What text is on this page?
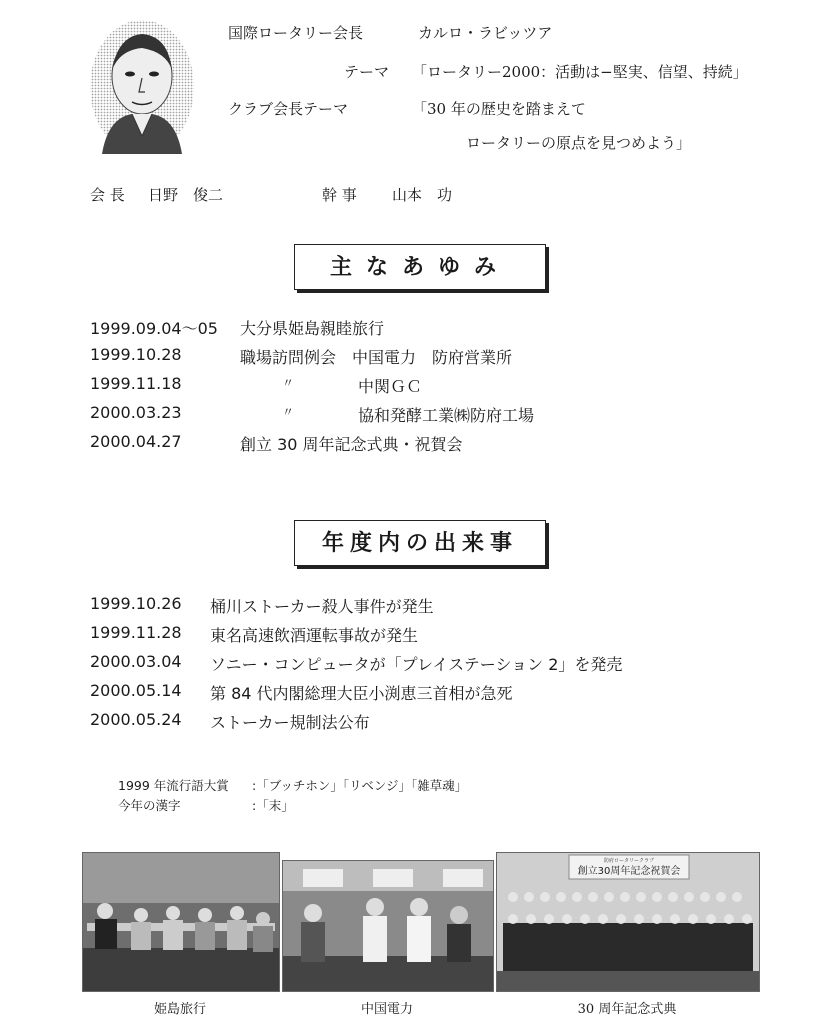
国際ロータリー会長	カルロ・ラビッツア
テーマ 「ロータリー2000：活動は−堅実、信望、持続」
クラブ会長テーマ	「30 年の歴史を踏まえて
ロータリーの原点を見つめよう」
会 長 日野　俊二	幹 事 山本　功
主なあゆみ
1999.09.04～05 大分県姫島親睦旅行
1999.10.28	職場訪問例会　中国電力　防府営業所
1999.11.18	〃	中関ＧＣ
2000.03.23	〃	協和発酵工業㈱防府工場
2000.04.27	創立 30 周年記念式典・祝賀会
年度内の出来事
1999.10.26 桶川ストーカー殺人事件が発生
1999.11.28 東名高速飲酒運転事故が発生
2000.03.04 ソニー・コンピュータが「プレイステーション 2」を発売
2000.05.14 第 84 代内閣総理大臣小渕恵三首相が急死
2000.05.24 ストーカー規制法公布
1999 年流行語大賞 :「ブッチホン」「リベンジ」「雑草魂」
今年の漢字	:「末」
防府ロータリークラブ
創立30周年記念祝賀会
姫島旅行	中国電力	30 周年記念式典
